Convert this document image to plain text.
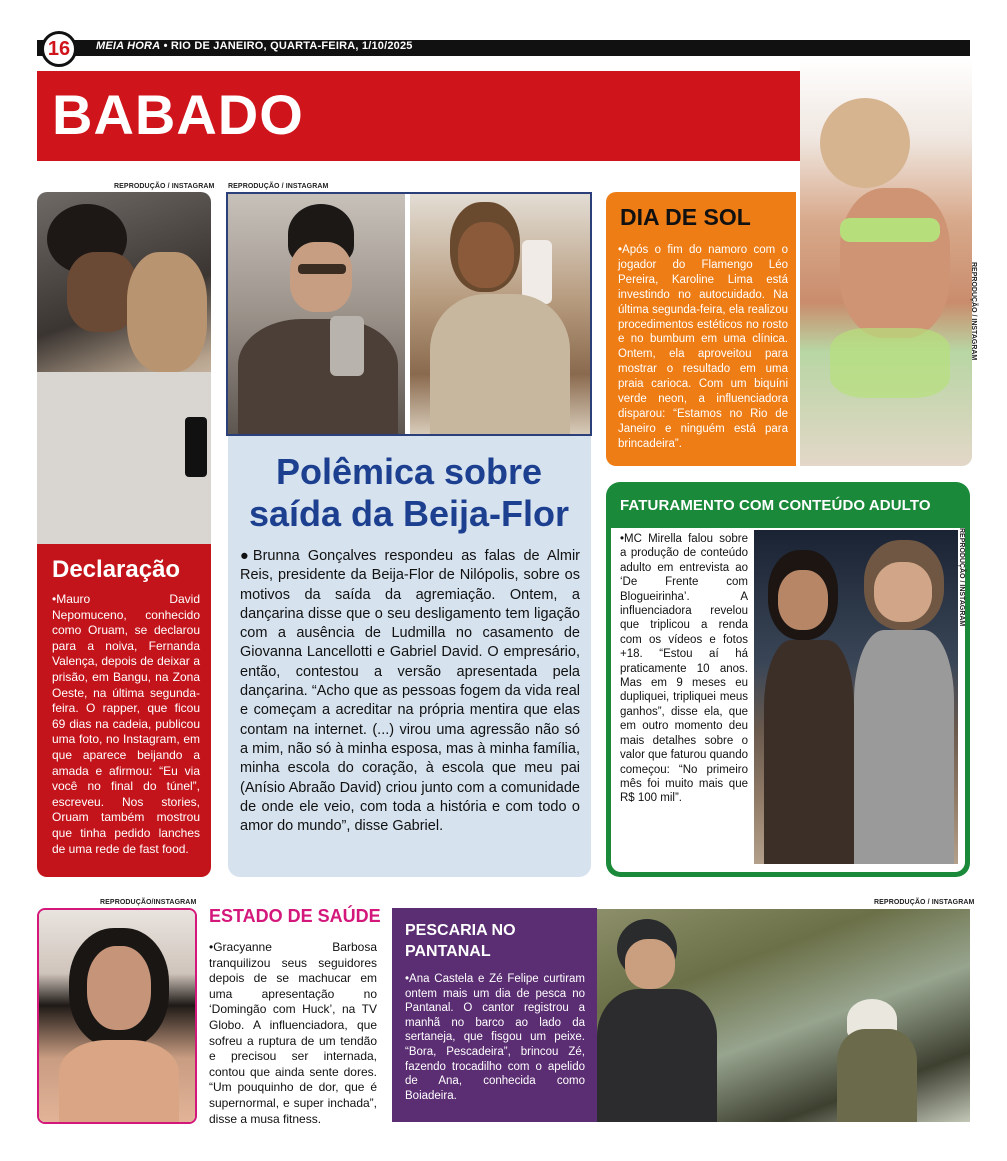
16	MEIA HORA • RIO DE JANEIRO, QUARTA-FEIRA, 1/10/2025
BABADO
REPRODUÇÃO / INSTAGRAM
Declaração
•Mauro David Nepomuceno, conhecido como Oruam, se declarou para a noiva, Fernanda Valença, depois de deixar a prisão, em Bangu, na Zona Oeste, na última segunda-feira. O rapper, que ficou 69 dias na cadeia, publicou uma foto, no Instagram, em que aparece beijando a amada e afirmou: “Eu via você no final do túnel”, escreveu. Nos stories, Oruam também mostrou que tinha pedido lanches de uma rede de fast food.
REPRODUÇÃO / INSTAGRAM
Polêmica sobre saída da Beija-Flor
●Brunna Gonçalves respondeu as falas de Almir Reis, presidente da Beija-Flor de Nilópolis, sobre os motivos da saída da agremiação. Ontem, a dançarina disse que o seu desligamento tem ligação com a ausência de Ludmilla no casamento de Giovanna Lancellotti e Gabriel David. O empresário, então, contestou a versão apresentada pela dançarina. “Acho que as pessoas fogem da vida real e começam a acreditar na própria mentira que elas contam na internet. (...) virou uma agressão não só a mim, não só à minha esposa, mas à minha família, minha escola do coração, à escola que meu pai (Anísio Abraão David) criou junto com a comunidade de onde ele veio, com toda a história e com todo o amor do mundo”, disse Gabriel.
REPRODUÇÃO / INSTAGRAM
DIA DE SOL
•Após o fim do namoro com o jogador do Flamengo Léo Pereira, Karoline Lima está investindo no autocuidado. Na última segunda-feira, ela realizou procedimentos estéticos no rosto e no bumbum em uma clínica. Ontem, ela aproveitou para mostrar o resultado em uma praia carioca. Com um biquíni verde neon, a influenciadora disparou: “Estamos no Rio de Janeiro e ninguém está para brincadeira”.
FATURAMENTO COM CONTEÚDO ADULTO
•MC Mirella falou sobre a produção de conteúdo adulto em entrevista ao ‘De Frente com Blogueirinha’. A influenciadora revelou que triplicou a renda com os vídeos e fotos +18. “Estou aí há praticamente 10 anos. Mas em 9 meses eu dupliquei, tripliquei meus ganhos”, disse ela, que em outro momento deu mais detalhes sobre o valor que faturou quando começou: “No primeiro mês foi muito mais que R$ 100 mil”.
REPRODUÇÃO / INSTAGRAM
REPRODUÇÃO/INSTAGRAM
ESTADO DE SAÚDE
•Gracyanne Barbosa tranquilizou seus seguidores depois de se machucar em uma apresentação no ‘Domingão com Huck’, na TV Globo. A influenciadora, que sofreu a ruptura de um tendão e precisou ser internada, contou que ainda sente dores. “Um pouquinho de dor, que é supernormal, e super inchada”, disse a musa fitness.
REPRODUÇÃO / INSTAGRAM
PESCARIA NO PANTANAL
•Ana Castela e Zé Felipe curtiram ontem mais um dia de pesca no Pantanal. O cantor registrou a manhã no barco ao lado da sertaneja, que fisgou um peixe. “Bora, Pescadeira”, brincou Zé, fazendo trocadilho com o apelido de Ana, conhecida como Boiadeira.
